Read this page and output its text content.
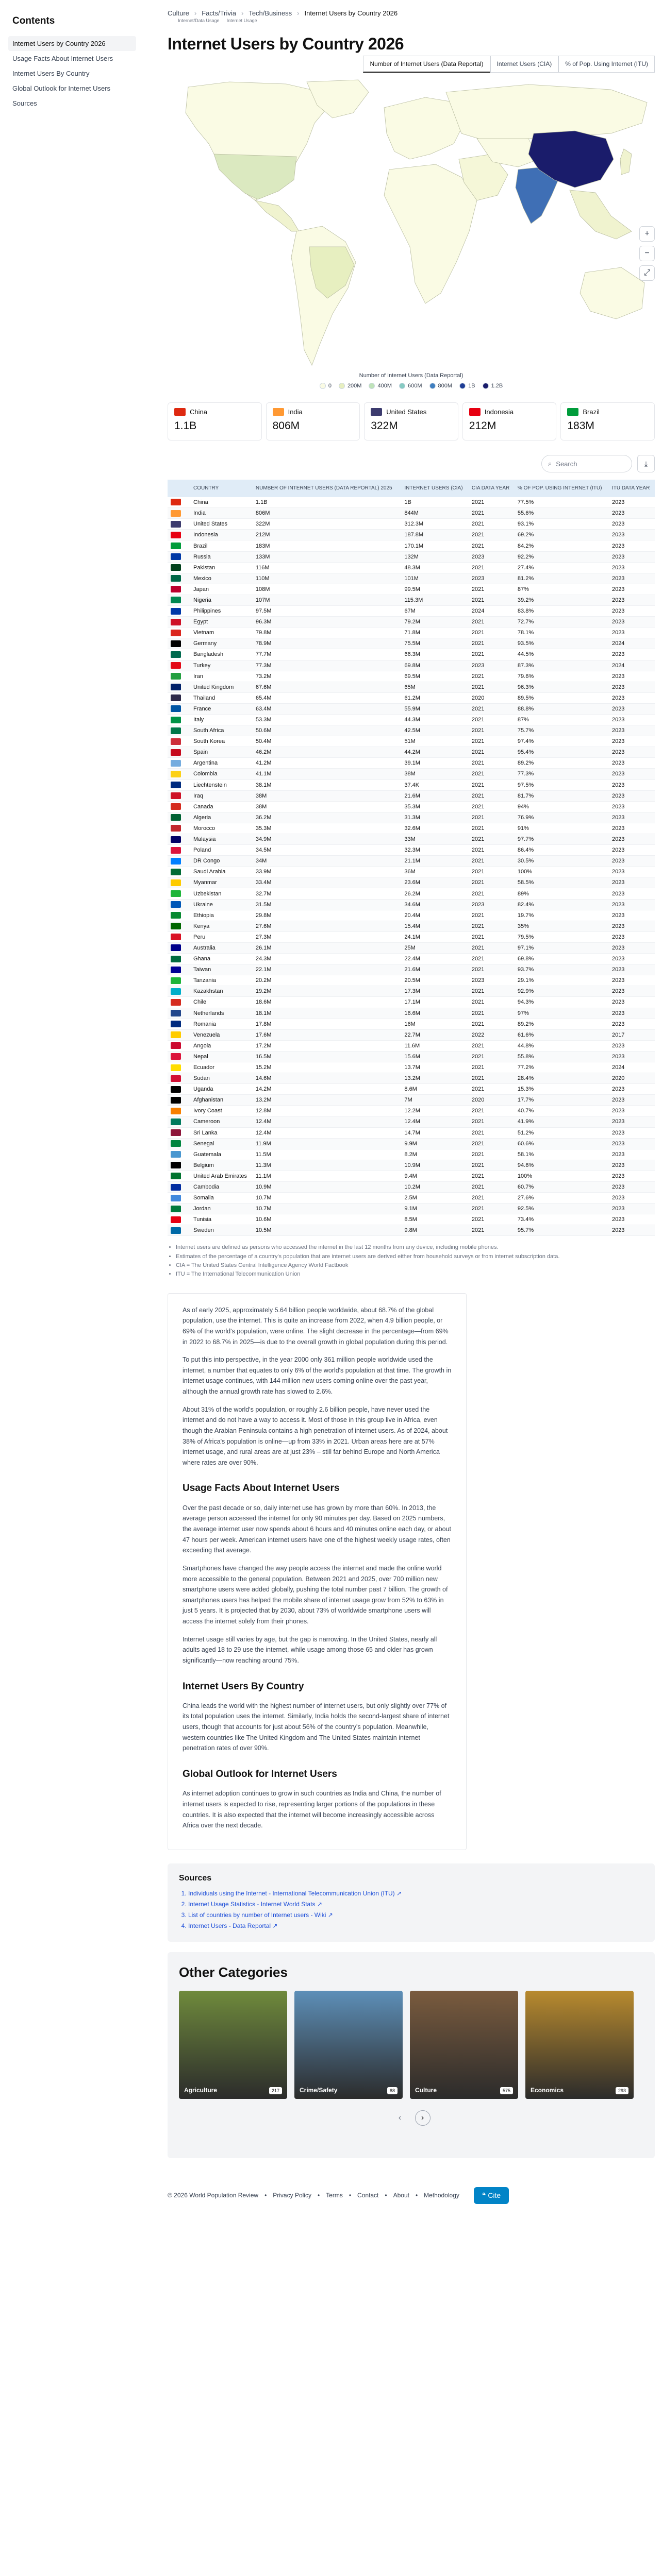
Contents
Internet Users by Country 2026
Usage Facts About Internet Users
Internet Users By Country
Global Outlook for Internet Users
Sources
Culture › Facts/Trivia › Tech/Business › Internet Users by Country 2026
Internet/Data Usage Internet Usage
Internet Users by Country 2026
Number of Internet Users (Data Reportal)	Internet Users (CIA)	% of Pop. Using Internet (ITU)
+
−
⤢
Number of Internet Users (Data Reportal)
0	200M	400M	600M	800M	1B	1.2B
China
1.1B
India
806M
United States
322M
Indonesia
212M
Brazil
183M
⌕ Search	⤓
	COUNTRY	NUMBER OF INTERNET USERS (DATA REPORTAL) 2025	INTERNET USERS (CIA)	CIA DATA YEAR	% OF POP. USING INTERNET (ITU)	ITU DATA YEAR
	China	1.1B	1B	2021	77.5%	2023
	India	806M	844M	2021	55.6%	2023
	United States	322M	312.3M	2021	93.1%	2023
	Indonesia	212M	187.8M	2021	69.2%	2023
	Brazil	183M	170.1M	2021	84.2%	2023
	Russia	133M	132M	2023	92.2%	2023
	Pakistan	116M	48.3M	2021	27.4%	2023
	Mexico	110M	101M	2023	81.2%	2023
	Japan	108M	99.5M	2021	87%	2023
	Nigeria	107M	115.3M	2021	39.2%	2023
	Philippines	97.5M	67M	2024	83.8%	2023
	Egypt	96.3M	79.2M	2021	72.7%	2023
	Vietnam	79.8M	71.8M	2021	78.1%	2023
	Germany	78.9M	75.5M	2021	93.5%	2024
	Bangladesh	77.7M	66.3M	2021	44.5%	2023
	Turkey	77.3M	69.8M	2023	87.3%	2024
	Iran	73.2M	69.5M	2021	79.6%	2023
	United Kingdom	67.6M	65M	2021	96.3%	2023
	Thailand	65.4M	61.2M	2020	89.5%	2023
	France	63.4M	55.9M	2021	88.8%	2023
	Italy	53.3M	44.3M	2021	87%	2023
	South Africa	50.6M	42.5M	2021	75.7%	2023
	South Korea	50.4M	51M	2021	97.4%	2023
	Spain	46.2M	44.2M	2021	95.4%	2023
	Argentina	41.2M	39.1M	2021	89.2%	2023
	Colombia	41.1M	38M	2021	77.3%	2023
	Liechtenstein	38.1M	37.4K	2021	97.5%	2023
	Iraq	38M	21.6M	2021	81.7%	2023
	Canada	38M	35.3M	2021	94%	2023
	Algeria	36.2M	31.3M	2021	76.9%	2023
	Morocco	35.3M	32.6M	2021	91%	2023
	Malaysia	34.9M	33M	2021	97.7%	2023
	Poland	34.5M	32.3M	2021	86.4%	2023
	DR Congo	34M	21.1M	2021	30.5%	2023
	Saudi Arabia	33.9M	36M	2021	100%	2023
	Myanmar	33.4M	23.6M	2021	58.5%	2023
	Uzbekistan	32.7M	26.2M	2021	89%	2023
	Ukraine	31.5M	34.6M	2023	82.4%	2023
	Ethiopia	29.8M	20.4M	2021	19.7%	2023
	Kenya	27.6M	15.4M	2021	35%	2023
	Peru	27.3M	24.1M	2021	79.5%	2023
	Australia	26.1M	25M	2021	97.1%	2023
	Ghana	24.3M	22.4M	2021	69.8%	2023
	Taiwan	22.1M	21.6M	2021	93.7%	2023
	Tanzania	20.2M	20.5M	2023	29.1%	2023
	Kazakhstan	19.2M	17.3M	2021	92.9%	2023
	Chile	18.6M	17.1M	2021	94.3%	2023
	Netherlands	18.1M	16.6M	2021	97%	2023
	Romania	17.8M	16M	2021	89.2%	2023
	Venezuela	17.6M	22.7M	2022	61.6%	2017
	Angola	17.2M	11.6M	2021	44.8%	2023
	Nepal	16.5M	15.6M	2021	55.8%	2023
	Ecuador	15.2M	13.7M	2021	77.2%	2024
	Sudan	14.6M	13.2M	2021	28.4%	2020
	Uganda	14.2M	8.6M	2021	15.3%	2023
	Afghanistan	13.2M	7M	2020	17.7%	2023
	Ivory Coast	12.8M	12.2M	2021	40.7%	2023
	Cameroon	12.4M	12.4M	2021	41.9%	2023
	Sri Lanka	12.4M	14.7M	2021	51.2%	2023
	Senegal	11.9M	9.9M	2021	60.6%	2023
	Guatemala	11.5M	8.2M	2021	58.1%	2023
	Belgium	11.3M	10.9M	2021	94.6%	2023
	United Arab Emirates	11.1M	9.4M	2021	100%	2023
	Cambodia	10.9M	10.2M	2021	60.7%	2023
	Somalia	10.7M	2.5M	2021	27.6%	2023
	Jordan	10.7M	9.1M	2021	92.5%	2023
	Tunisia	10.6M	8.5M	2021	73.4%	2023
	Sweden	10.5M	9.8M	2021	95.7%	2023
• Internet users are defined as persons who accessed the internet in the last 12 months from any device, including mobile phones.
• Estimates of the percentage of a country's population that are internet users are derived either from household surveys or from internet subscription data.
• CIA = The United States Central Intelligence Agency World Factbook
• ITU = The International Telecommunication Union

As of early 2025, approximately 5.64 billion people worldwide, about 68.7% of the global population, use the internet. This is quite an increase from 2022, when 4.9 billion people, or 69% of the world's population, were online. The slight decrease in the percentage—from 69% in 2022 to 68.7% in 2025—is due to the overall growth in global population during this period.

To put this into perspective, in the year 2000 only 361 million people worldwide used the internet, a number that equates to only 6% of the world's population at that time. The growth in internet usage continues, with 144 million new users coming online over the past year, although the annual growth rate has slowed to 2.6%.

About 31% of the world's population, or roughly 2.6 billion people, have never used the internet and do not have a way to access it. Most of those in this group live in Africa, even though the Arabian Peninsula contains a high penetration of internet users. As of 2024, about 38% of Africa's population is online—up from 33% in 2021. Urban areas here are at 57% internet usage, and rural areas are at just 23% – still far behind Europe and North America where rates are over 90%.

Usage Facts About Internet Users

Over the past decade or so, daily internet use has grown by more than 60%. In 2013, the average person accessed the internet for only 90 minutes per day. Based on 2025 numbers, the average internet user now spends about 6 hours and 40 minutes online each day, or about 47 hours per week. American internet users have one of the highest weekly usage rates, often exceeding that average.

Smartphones have changed the way people access the internet and made the online world more accessible to the general population. Between 2021 and 2025, over 700 million new smartphone users were added globally, pushing the total number past 7 billion. The growth of smartphones users has helped the mobile share of internet usage grow from 52% to 63% in just 5 years. It is projected that by 2030, about 73% of worldwide smartphone users will access the internet solely from their phones.

Internet usage still varies by age, but the gap is narrowing. In the United States, nearly all adults aged 18 to 29 use the internet, while usage among those 65 and older has grown significantly—now reaching around 75%.

Internet Users By Country

China leads the world with the highest number of internet users, but only slightly over 77% of its total population uses the internet. Similarly, India holds the second-largest share of internet users, though that accounts for just about 56% of the country's population. Meanwhile, western countries like The United Kingdom and The United States maintain internet penetration rates of over 90%.

Global Outlook for Internet Users

As internet adoption continues to grow in such countries as India and China, the number of internet users is expected to rise, representing larger portions of the populations in these countries. It is also expected that the internet will become increasingly accessible across Africa over the next decade.

Sources
1. Individuals using the Internet - International Telecommunication Union (ITU) ↗
2. Internet Usage Statistics - Internet World Stats ↗
3. List of countries by number of Internet users - Wiki ↗
4. Internet Users - Data Reportal ↗
Other Categories
Agriculture	217	Crime/Safety	88	Culture	575	Economics	293
‹	›
© 2026 World Population Review • Privacy Policy • Terms • Contact • About • Methodology	❝ Cite
